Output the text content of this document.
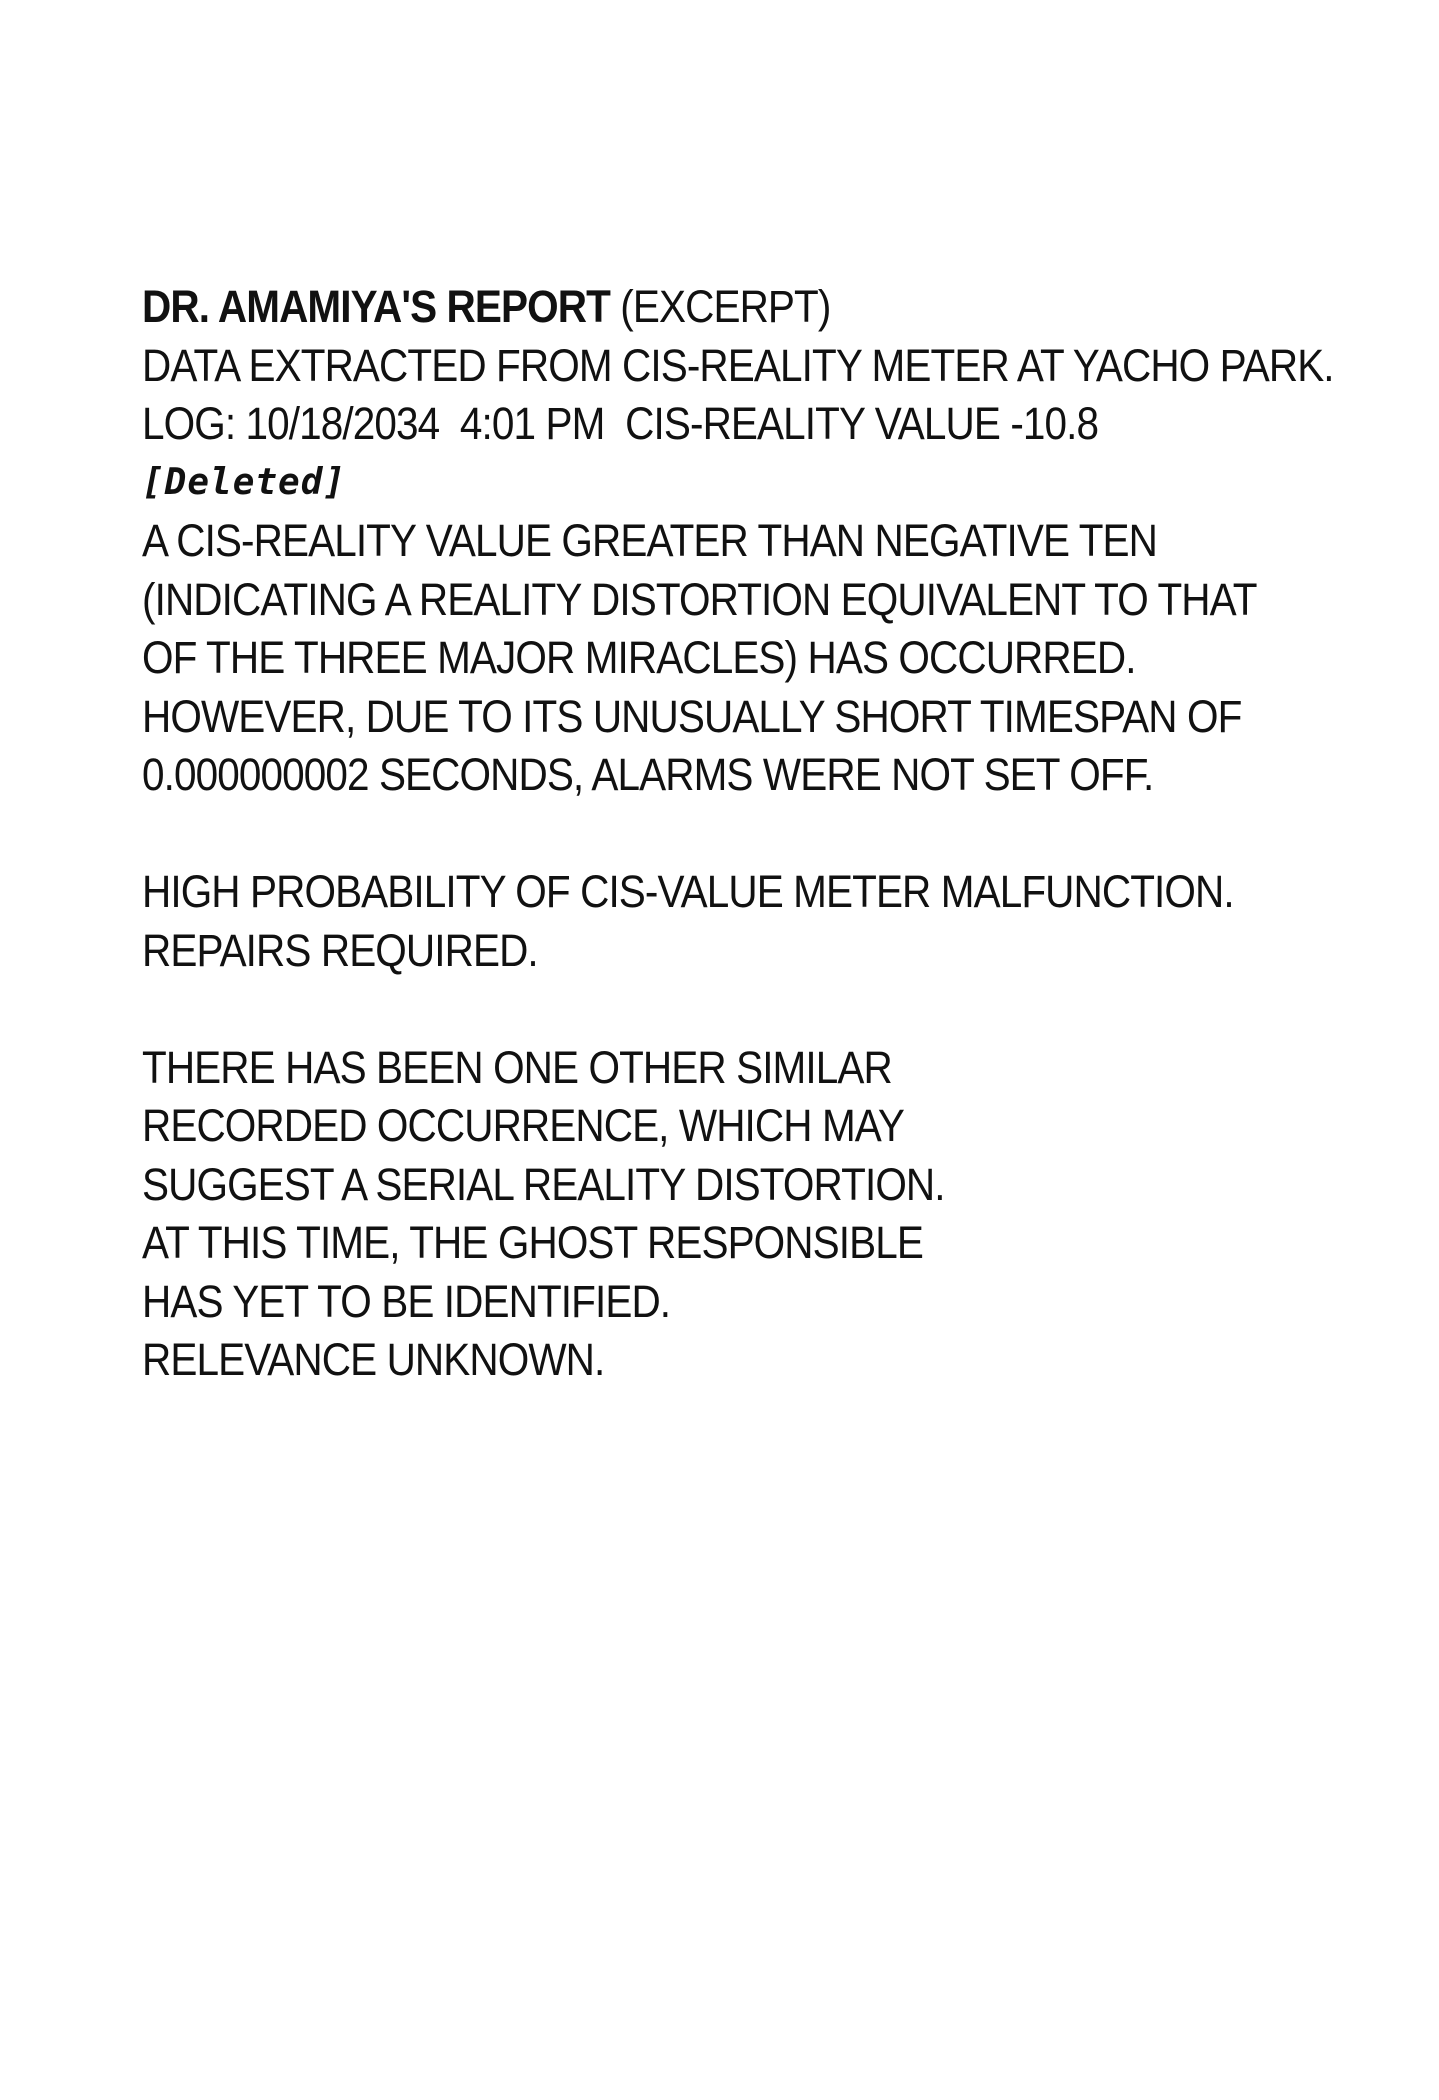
DR. AMAMIYA'S REPORT (EXCERPT)
DATA EXTRACTED FROM CIS-REALITY METER AT YACHO PARK.
LOG: 10/18/2034  4:01 PM  CIS-REALITY VALUE -10.8
[Deleted]
A CIS-REALITY VALUE GREATER THAN NEGATIVE TEN
(INDICATING A REALITY DISTORTION EQUIVALENT TO THAT
OF THE THREE MAJOR MIRACLES) HAS OCCURRED.
HOWEVER, DUE TO ITS UNUSUALLY SHORT TIMESPAN OF
0.000000002 SECONDS, ALARMS WERE NOT SET OFF.
HIGH PROBABILITY OF CIS-VALUE METER MALFUNCTION.
REPAIRS REQUIRED.
THERE HAS BEEN ONE OTHER SIMILAR
RECORDED OCCURRENCE, WHICH MAY
SUGGEST A SERIAL REALITY DISTORTION.
AT THIS TIME, THE GHOST RESPONSIBLE
HAS YET TO BE IDENTIFIED.
RELEVANCE UNKNOWN.
